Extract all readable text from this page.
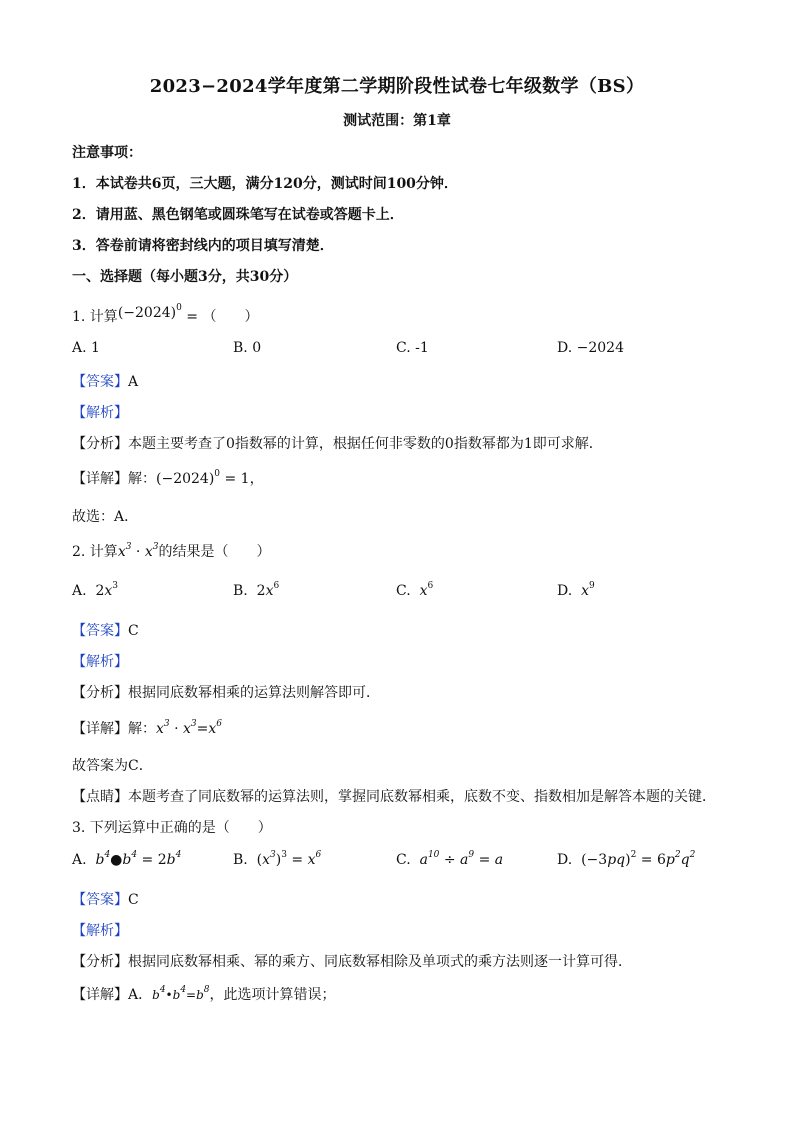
2023−2024学年度第二学期阶段性试卷七年级数学（BS）
测试范围：第1章
注意事项：
1．本试卷共6页，三大题，满分120分，测试时间100分钟．
2．请用蓝、黑色钢笔或圆珠笔写在试卷或答题卡上．
3．答卷前请将密封线内的项目填写清楚．
一、选择题（每小题3分，共30分）
1. 计算$(-2024)^0$ = （　　）
A. 1	B. 0	C. -1	D. −2024
【答案】A
【解析】
【分析】本题主要考查了0指数幂的计算，根据任何非零数的0指数幂都为1即可求解．
【详解】解：$(-2024)^0 = 1$，
故选：A．
2. 计算$x^3 \cdot x^3$的结果是（　　）
A. $2x^3$	B. $2x^6$	C. $x^6$	D. $x^9$
【答案】C
【解析】
【分析】根据同底数幂相乘的运算法则解答即可．
【详解】解：$x^3 \cdot x^3=x^6$
故答案为C．
【点睛】本题考查了同底数幂的运算法则，掌握同底数幂相乘，底数不变、指数相加是解答本题的关键．
3. 下列运算中正确的是（　　）
A. $b^4●b^4 = 2b^4$	B. $(x^3)^3 = x^6$	C. $a^{10} \div a^9 = a$	D. $(-3pq)^2 = 6p^2q^2$
【答案】C
【解析】
【分析】根据同底数幂相乘、幂的乘方、同底数幂相除及单项式的乘方法则逐一计算可得．
【详解】A．$b^4•b^4=b^8$，此选项计算错误；
